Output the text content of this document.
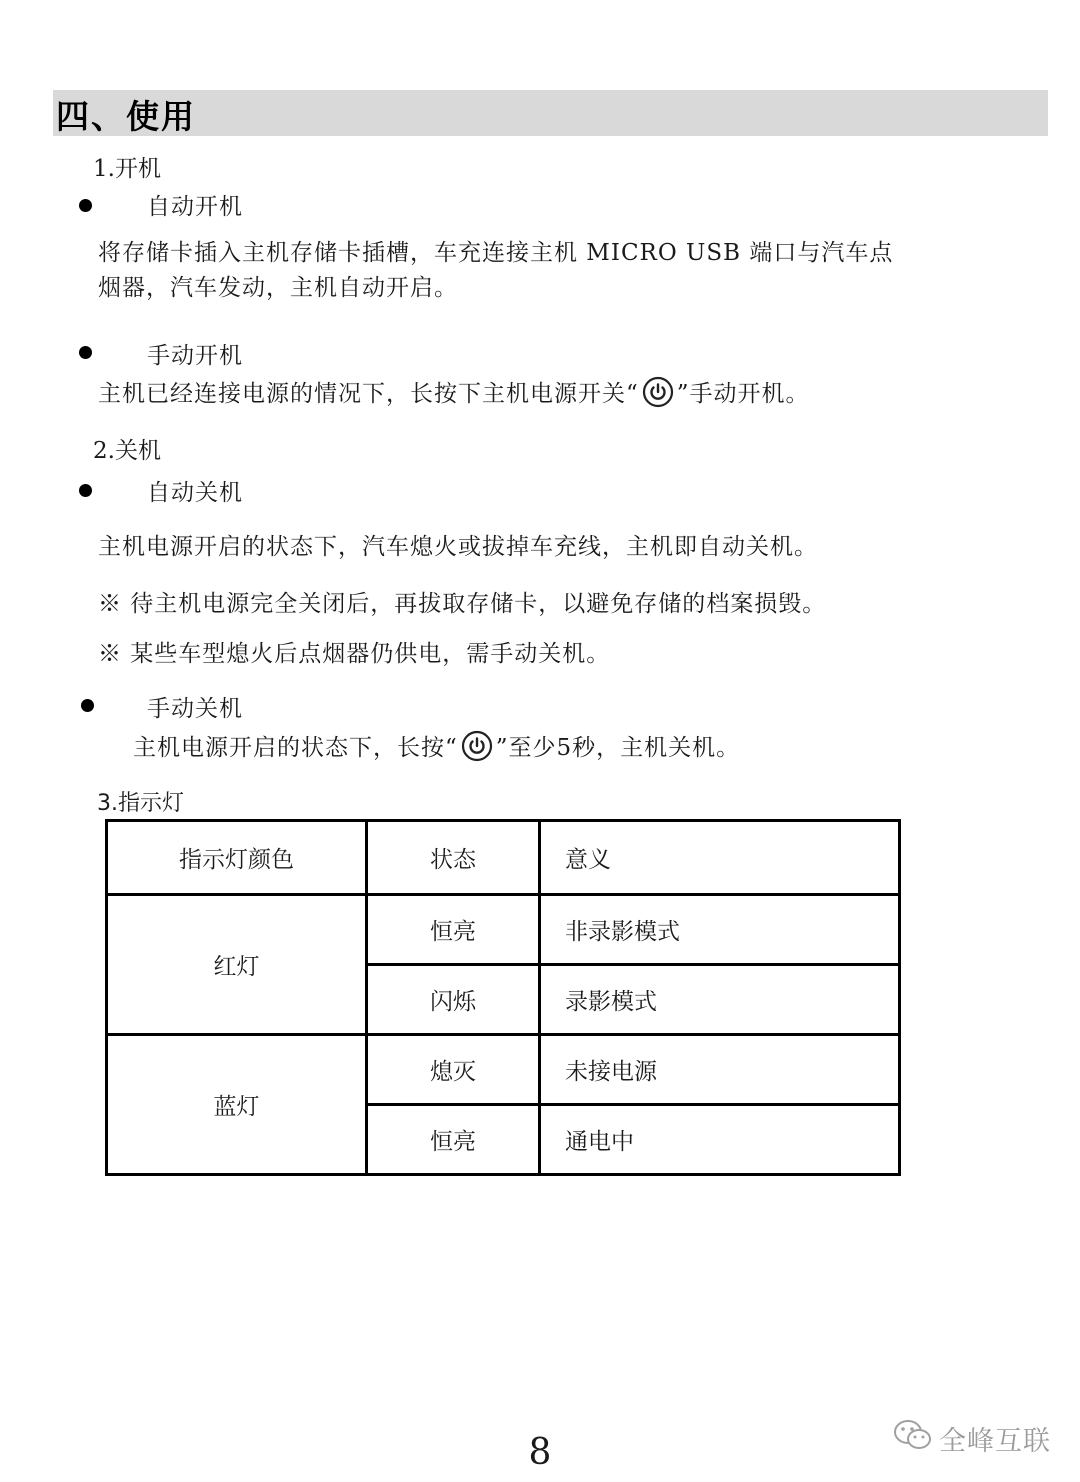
四、使用
1.开机
自动开机
将存储卡插入主机存储卡插槽，车充连接主机 MICRO USB 端口与汽车点
烟器，汽车发动，主机自动开启。
手动开机
主机已经连接电源的情况下，长按下主机电源开关“ ”手动开机。
2.关机
自动关机
主机电源开启的状态下，汽车熄火或拔掉车充线，主机即自动关机。
※ 待主机电源完全关闭后，再拔取存储卡，以避免存储的档案损毁。
※ 某些车型熄火后点烟器仍供电，需手动关机。
手动关机
主机电源开启的状态下，长按“ ”至少5秒，主机关机。
3.指示灯
指示灯颜色	状态	意义
红灯	恒亮	非录影模式
	闪烁	录影模式
蓝灯	熄灭	未接电源
	恒亮	通电中
8	全峰互联
